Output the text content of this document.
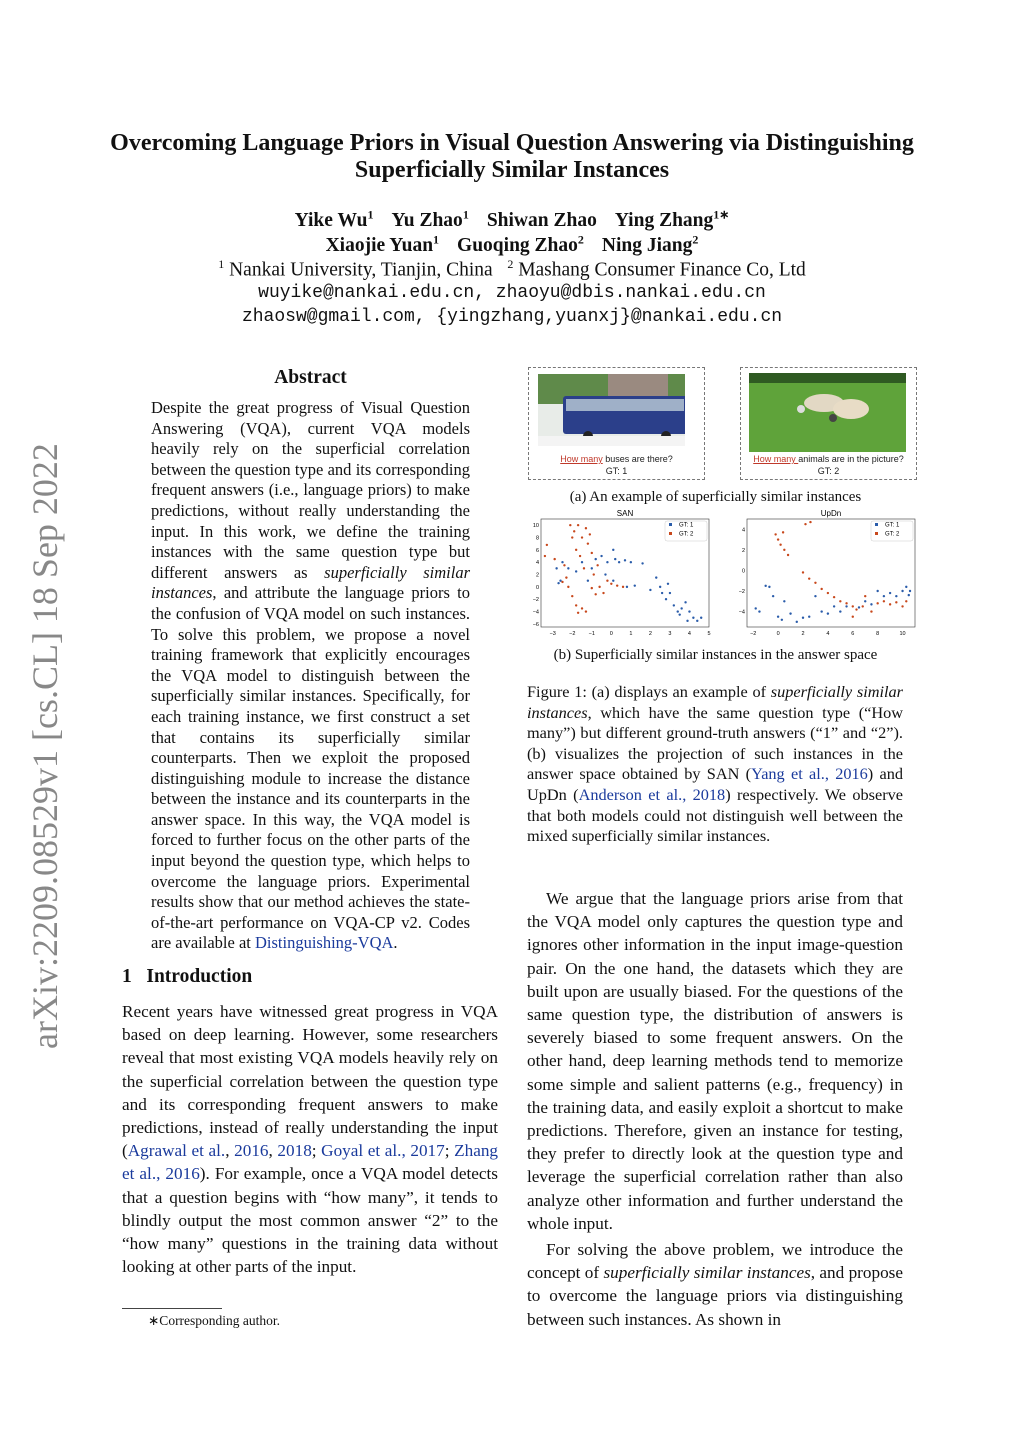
arXiv:2209.08529v1 [cs.CL] 18 Sep 2022
Overcoming Language Priors in Visual Question Answering via Distinguishing Superficially Similar Instances
Yike Wu$^1$ Yu Zhao$^1$ Shiwan Zhao Ying Zhang$^{1∗}$
Xiaojie Yuan$^1$ Guoqing Zhao$^2$ Ning Jiang$^2$
$^1$ Nankai University, Tianjin, China $^2$ Mashang Consumer Finance Co, Ltd
wuyike@nankai.edu.cn, zhaoyu@dbis.nankai.edu.cn
zhaosw@gmail.com, {yingzhang,yuanxj}@nankai.edu.cn
Abstract
Despite the great progress of Visual Question Answering (VQA), current VQA models heavily rely on the superficial correlation between the question type and its corresponding frequent answers (i.e., language priors) to make predictions, without really understanding the input. In this work, we define the training instances with the same question type but different answers as superficially similar instances, and attribute the language priors to the confusion of VQA model on such instances. To solve this problem, we propose a novel training framework that explicitly encourages the VQA model to distinguish between the superficially similar instances. Specifically, for each training instance, we first construct a set that contains its superficially similar counterparts. Then we exploit the proposed distinguishing module to increase the distance between the instance and its counterparts in the answer space. In this way, the VQA model is forced to further focus on the other parts of the input beyond the question type, which helps to overcome the language priors. Experimental results show that our method achieves the state-of-the-art performance on VQA-CP v2. Codes are available at Distinguishing-VQA.
1 Introduction
Recent years have witnessed great progress in VQA based on deep learning. However, some researchers reveal that most existing VQA models heavily rely on the superficial correlation between the question type and its corresponding frequent answers to make predictions, instead of really understanding the input (Agrawal et al., 2016, 2018; Goyal et al., 2017; Zhang et al., 2016). For example, once a VQA model detects that a question begins with “how many”, it tends to blindly output the most common answer “2” to the “how many” questions in the training data without looking at other parts of the input.
∗Corresponding author.
How many buses are there?
GT: 1
How many animals are in the picture?
GT: 2
(a) An example of superficially similar instances
SAN
−3 −2 −1	0	1	2	3	4	5
−6
−4
−2
0
2
4
6
8
10	GT: 1
GT: 2
UpDn
−2	0	2	4	6	8	10
−4
−2
0
2
4
GT: 1
GT: 2
(b) Superficially similar instances in the answer space
Figure 1: (a) displays an example of superficially similar instances, which have the same question type (“How many”) but different ground-truth answers (“1” and “2”). (b) visualizes the projection of such instances in the answer space obtained by SAN (Yang et al., 2016) and UpDn (Anderson et al., 2018) respectively. We observe that both models could not distinguish well between the mixed superficially similar instances.
We argue that the language priors arise from that the VQA model only captures the question type and ignores other information in the input image-question pair. On the one hand, the datasets which they are built upon are usually biased. For the questions of the same question type, the distribution of answers is severely biased to some frequent answers. On the other hand, deep learning methods tend to memorize some simple and salient patterns (e.g., frequency) in the training data, and easily exploit a shortcut to make predictions. Therefore, given an instance for testing, they prefer to directly look at the question type and leverage the superficial correlation rather than also analyze other information and further understand the whole input.
For solving the above problem, we introduce the concept of superficially similar instances, and propose to overcome the language priors via distinguishing between such instances. As shown in
